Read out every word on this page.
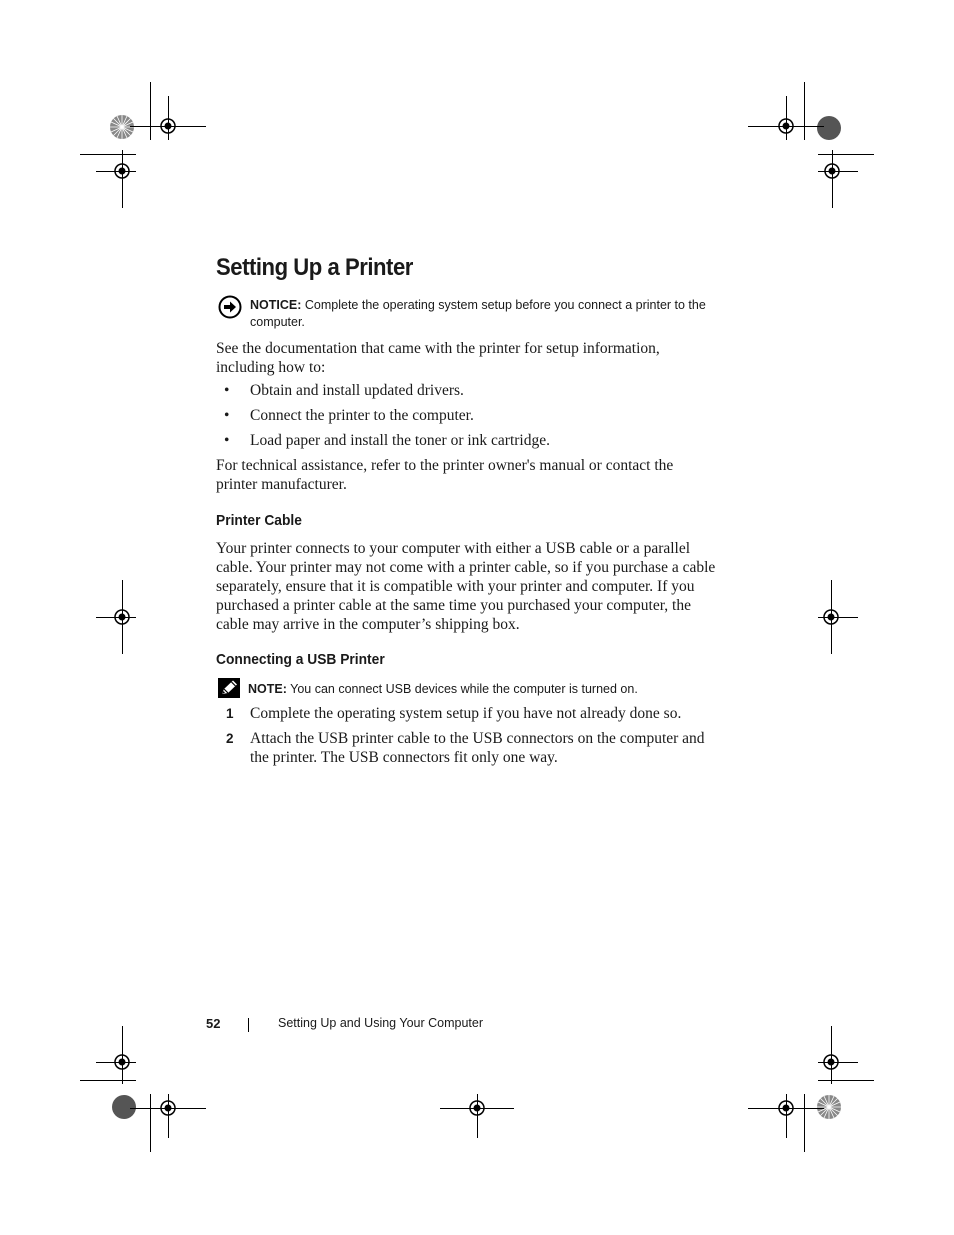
Setting Up a Printer
NOTICE: Complete the operating system setup before you connect a printer to the computer.

See the documentation that came with the printer for setup information, including how to:

• Obtain and install updated drivers.
• Connect the printer to the computer.
• Load paper and install the toner or ink cartridge.

For technical assistance, refer to the printer owner's manual or contact the printer manufacturer.

Printer Cable

Your printer connects to your computer with either a USB cable or a parallel cable. Your printer may not come with a printer cable, so if you purchase a cable separately, ensure that it is compatible with your printer and computer. If you purchased a printer cable at the same time you purchased your computer, the cable may arrive in the computer’s shipping box.

Connecting a USB Printer
NOTE: You can connect USB devices while the computer is turned on.
1 Complete the operating system setup if you have not already done so.
2 Attach the USB printer cable to the USB connectors on the computer and the printer. The USB connectors fit only one way.
52	Setting Up and Using Your Computer
